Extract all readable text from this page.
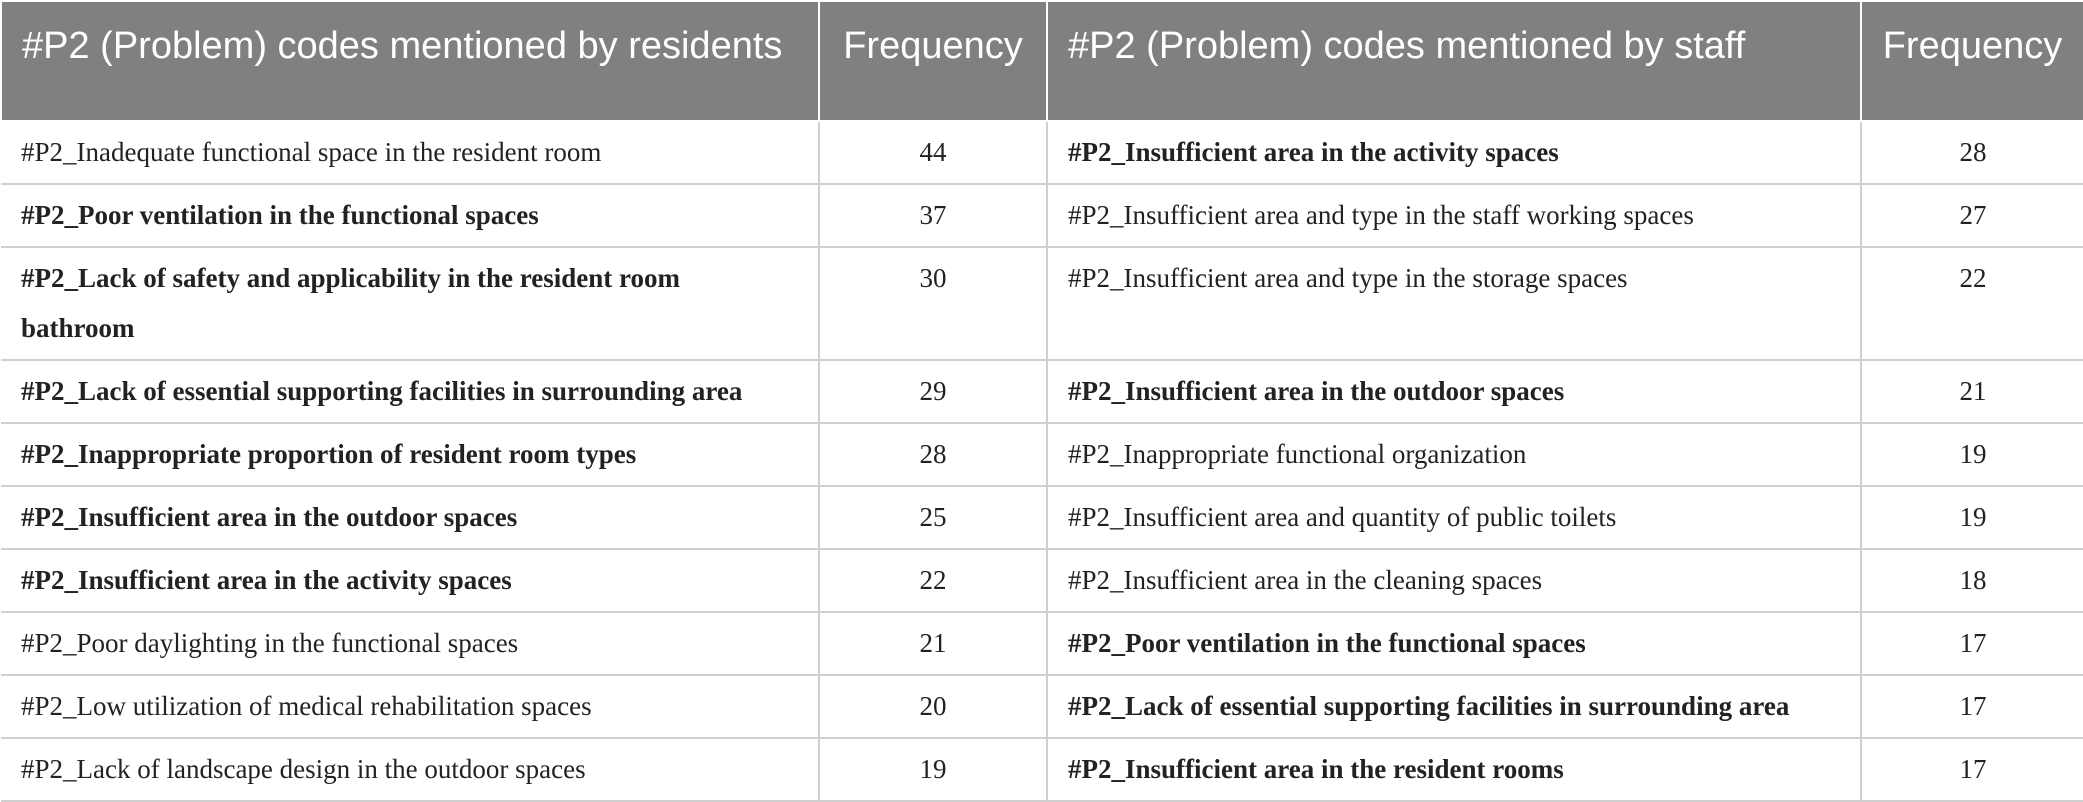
#P2 (Problem) codes mentioned by residents	Frequency	#P2 (Problem) codes mentioned by staff	Frequency
#P2_Inadequate functional space in the resident room	44	#P2_Insufficient area in the activity spaces	28
#P2_Poor ventilation in the functional spaces	37	#P2_Insufficient area and type in the staff working spaces	27
#P2_Lack of safety and applicability in the resident room bathroom	30	#P2_Insufficient area and type in the storage spaces	22
#P2_Lack of essential supporting facilities in surrounding area	29	#P2_Insufficient area in the outdoor spaces	21
#P2_Inappropriate proportion of resident room types	28	#P2_Inappropriate functional organization	19
#P2_Insufficient area in the outdoor spaces	25	#P2_Insufficient area and quantity of public toilets	19
#P2_Insufficient area in the activity spaces	22	#P2_Insufficient area in the cleaning spaces	18
#P2_Poor daylighting in the functional spaces	21	#P2_Poor ventilation in the functional spaces	17
#P2_Low utilization of medical rehabilitation spaces	20	#P2_Lack of essential supporting facilities in surrounding area	17
#P2_Lack of landscape design in the outdoor spaces	19	#P2_Insufficient area in the resident rooms	17
